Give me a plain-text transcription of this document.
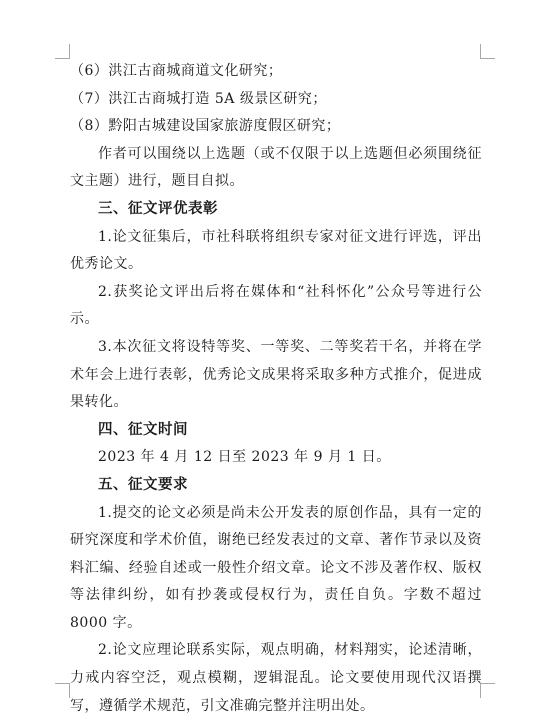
（6）洪江古商城商道文化研究；

（7）洪江古商城打造 5A 级景区研究；

（8）黔阳古城建设国家旅游度假区研究；

作者可以围绕以上选题（或不仅限于以上选题但必须围绕征文主题）进行，题目自拟。

三、征文评优表彰

1.论文征集后，市社科联将组织专家对征文进行评选，评出优秀论文。

2.获奖论文评出后将在媒体和“社科怀化”公众号等进行公示。

3.本次征文将设特等奖、一等奖、二等奖若干名，并将在学术年会上进行表彰，优秀论文成果将采取多种方式推介，促进成果转化。

四、征文时间

2023 年 4 月 12 日至 2023 年 9 月 1 日。

五、征文要求

1.提交的论文必须是尚未公开发表的原创作品，具有一定的研究深度和学术价值，谢绝已经发表过的文章、著作节录以及资料汇编、经验自述或一般性介绍文章。论文不涉及著作权、版权等法律纠纷，如有抄袭或侵权行为，责任自负。字数不超过 8000 字。

2.论文应理论联系实际，观点明确，材料翔实，论述清晰，力戒内容空泛，观点模糊，逻辑混乱。论文要使用现代汉语撰写，遵循学术规范，引文准确完整并注明出处。
